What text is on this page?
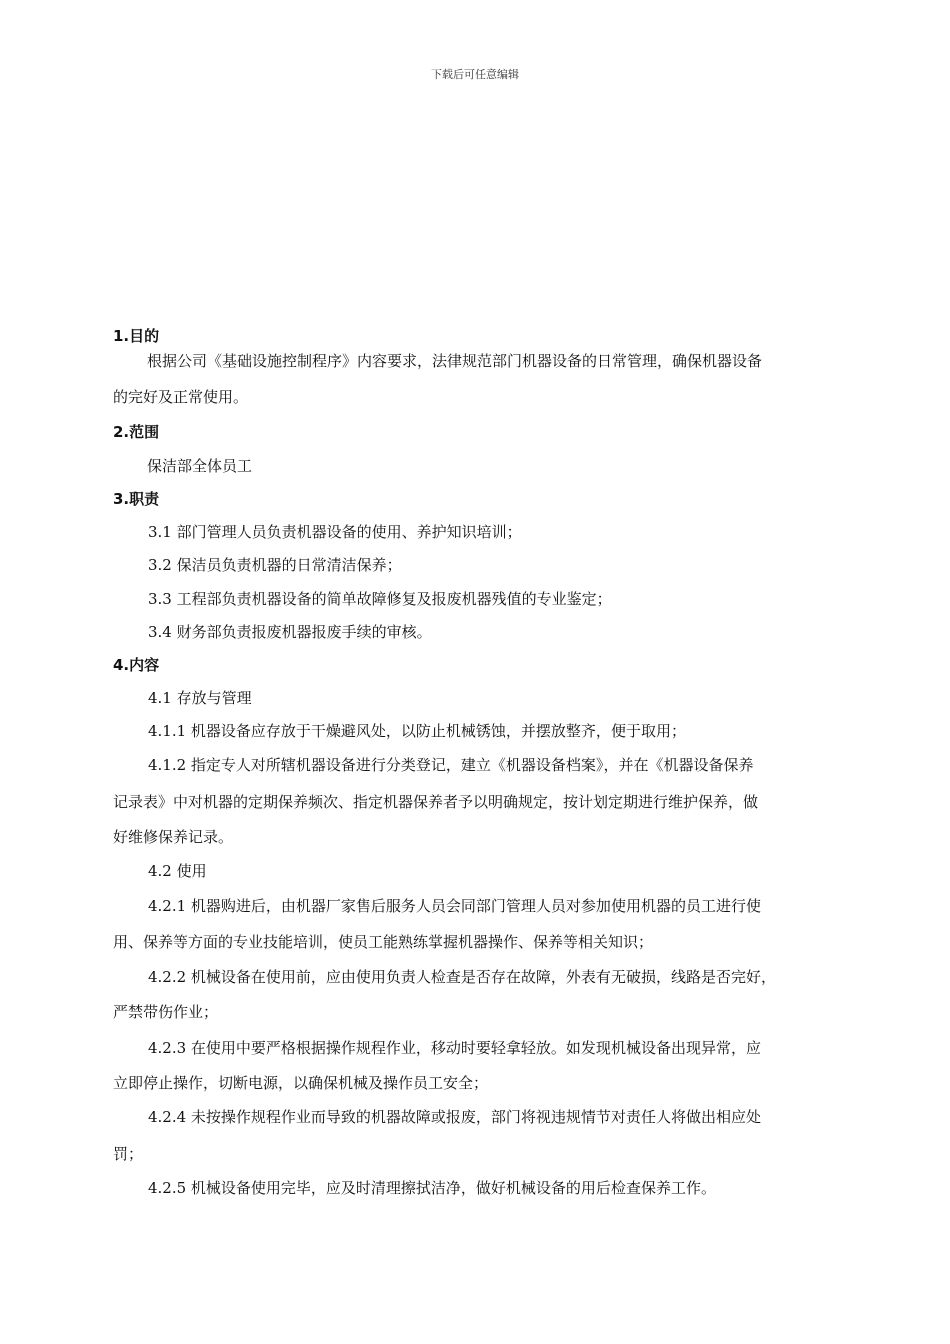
下载后可任意编辑
1.目的
根据公司《基础设施控制程序》内容要求，法律规范部门机器设备的日常管理，确保机器设备
的完好及正常使用。
2.范围
保洁部全体员工
3.职责
3.1 部门管理人员负责机器设备的使用、养护知识培训；
3.2 保洁员负责机器的日常清洁保养；
3.3 工程部负责机器设备的简单故障修复及报废机器残值的专业鉴定；
3.4 财务部负责报废机器报废手续的审核。
4.内容
4.1 存放与管理
4.1.1 机器设备应存放于干燥避风处，以防止机械锈蚀，并摆放整齐，便于取用；
4.1.2 指定专人对所辖机器设备进行分类登记，建立《机器设备档案》，并在《机器设备保养
记录表》中对机器的定期保养频次、指定机器保养者予以明确规定，按计划定期进行维护保养，做
好维修保养记录。
4.2 使用
4.2.1 机器购进后，由机器厂家售后服务人员会同部门管理人员对参加使用机器的员工进行使
用、保养等方面的专业技能培训，使员工能熟练掌握机器操作、保养等相关知识；
4.2.2 机械设备在使用前，应由使用负责人检查是否存在故障，外表有无破损，线路是否完好，
严禁带伤作业；
4.2.3 在使用中要严格根据操作规程作业，移动时要轻拿轻放。如发现机械设备出现异常，应
立即停止操作，切断电源，以确保机械及操作员工安全；
4.2.4 未按操作规程作业而导致的机器故障或报废，部门将视违规情节对责任人将做出相应处
罚；
4.2.5 机械设备使用完毕，应及时清理擦拭洁净，做好机械设备的用后检查保养工作。
